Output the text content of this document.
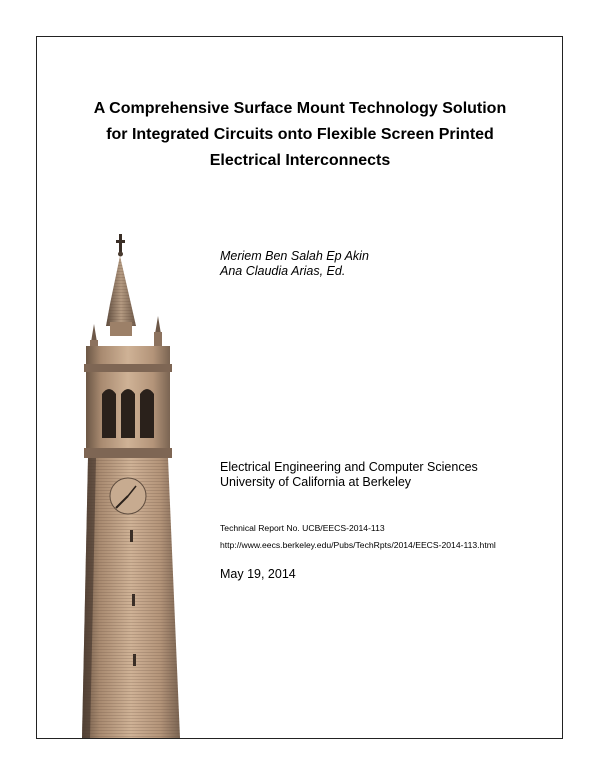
A Comprehensive Surface Mount Technology Solution
for Integrated Circuits onto Flexible Screen Printed
Electrical Interconnects
Meriem Ben Salah Ep Akin
Ana Claudia Arias, Ed.
Electrical Engineering and Computer Sciences
University of California at Berkeley
Technical Report No. UCB/EECS-2014-113
http://www.eecs.berkeley.edu/Pubs/TechRpts/2014/EECS-2014-113.html
May 19, 2014
